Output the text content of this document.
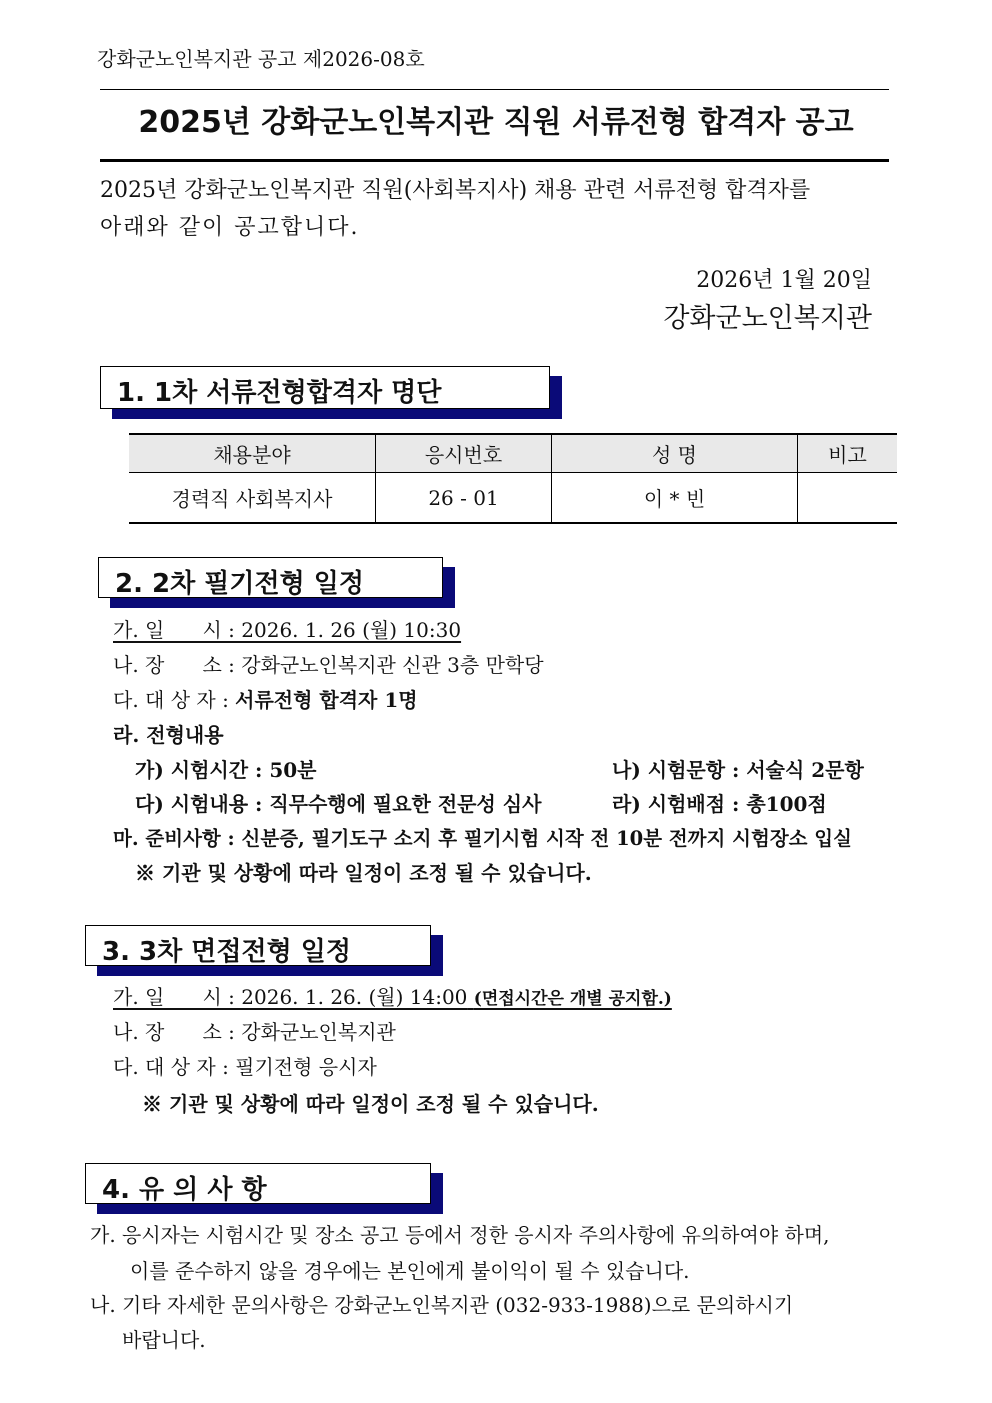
강화군노인복지관 공고 제2026-08호
2025년 강화군노인복지관 직원 서류전형 합격자 공고
2025년 강화군노인복지관 직원(사회복지사) 채용 관련 서류전형 합격자를
아래와 같이 공고합니다.
2026년 1월 20일
강화군노인복지관
1. 1차 서류전형합격자 명단
채용분야	응시번호	성 명	비고
경력직 사회복지사	26 - 01	이 * 빈	
2. 2차 필기전형 일정
가. 일      시 : 2026. 1. 26 (월) 10:30
나. 장      소 : 강화군노인복지관 신관 3층 만학당
다. 대 상 자 : 서류전형 합격자 1명
라. 전형내용
가) 시험시간 : 50분	나) 시험문항 : 서술식 2문항
다) 시험내용 : 직무수행에 필요한 전문성 심사	라) 시험배점 : 총100점
마. 준비사항 : 신분증, 필기도구 소지 후 필기시험 시작 전 10분 전까지 시험장소 입실
※ 기관 및 상황에 따라 일정이 조정 될 수 있습니다.
3. 3차 면접전형 일정
가. 일      시 : 2026. 1. 26. (월) 14:00 (면접시간은 개별 공지함.)
나. 장      소 : 강화군노인복지관
다. 대 상 자 : 필기전형 응시자
※ 기관 및 상황에 따라 일정이 조정 될 수 있습니다.
4. 유 의 사 항
가. 응시자는 시험시간 및 장소 공고 등에서 정한 응시자 주의사항에 유의하여야 하며,
이를 준수하지 않을 경우에는 본인에게 불이익이 될 수 있습니다.
나. 기타 자세한 문의사항은 강화군노인복지관 (032-933-1988)으로 문의하시기
바랍니다.
